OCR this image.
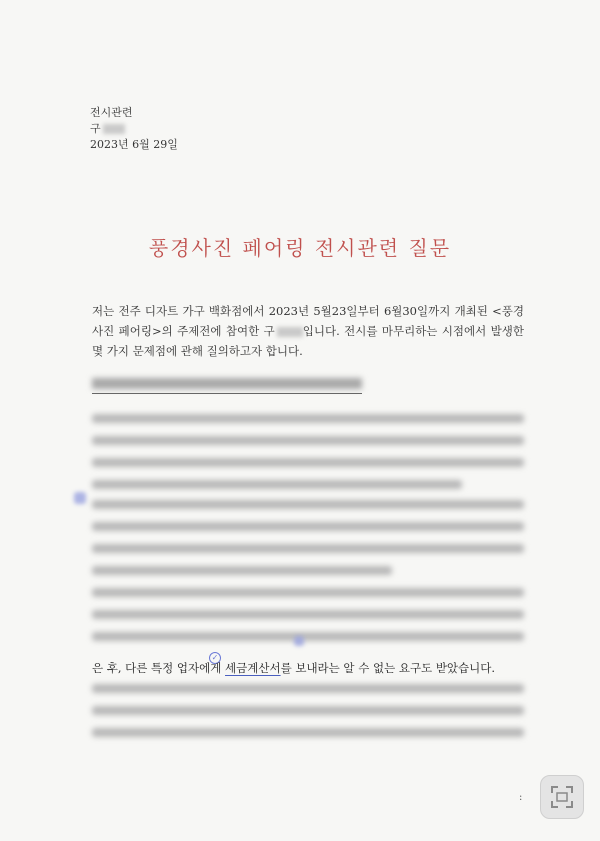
전시관련
구
2023년 6월 29일
풍경사진 페어링 전시관련 질문
저는 전주 디자트 가구 백화점에서 2023년 5월23일부터 6월30일까지 개최된 <풍경사진 페어링>의 주제전에 참여한 구 입니다. 전시를 마무리하는 시점에서 발생한 몇 가지 문제점에 관해 질의하고자 합니다.
✓
은 후, 다른 특정 업자에게 세금계산서를 보내라는 알 수 없는 요구도 받았습니다.
:
